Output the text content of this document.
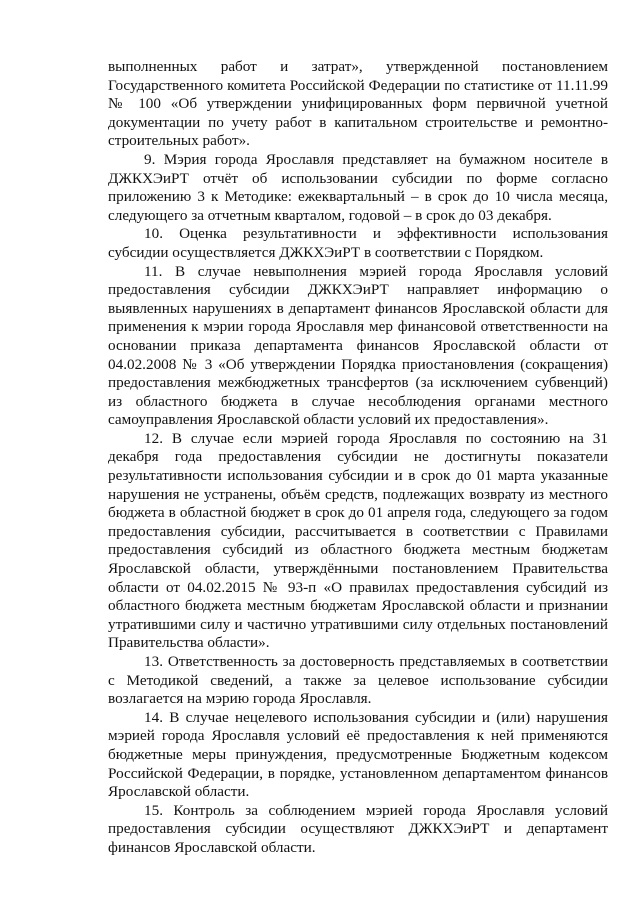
выполненных работ и затрат», утвержденной постановлением Государственного комитета Российской Федерации по статистике от 11.11.99 № 100 «Об утверждении унифицированных форм первичной учетной документации по учету работ в капитальном строительстве и ремонтно-строительных работ».

9. Мэрия города Ярославля представляет на бумажном носителе в ДЖКХЭиРТ отчёт об использовании субсидии по форме согласно приложению 3 к Методике: ежеквартальный – в срок до 10 числа месяца, следующего за отчетным кварталом, годовой – в срок до 03 декабря.

10. Оценка результативности и эффективности использования субсидии осуществляется ДЖКХЭиРТ в соответствии с Порядком.

11. В случае невыполнения мэрией города Ярославля условий предоставления субсидии ДЖКХЭиРТ направляет информацию о выявленных нарушениях в департамент финансов Ярославской области для применения к мэрии города Ярославля мер финансовой ответственности на основании приказа департамента финансов Ярославской области от 04.02.2008 № 3 «Об утверждении Порядка приостановления (сокращения) предоставления межбюджетных трансфертов (за исключением субвенций) из областного бюджета в случае несоблюдения органами местного самоуправления Ярославской области условий их предоставления».

12. В случае если мэрией города Ярославля по состоянию на 31 декабря года предоставления субсидии не достигнуты показатели результативности использования субсидии и в срок до 01 марта указанные нарушения не устранены, объём средств, подлежащих возврату из местного бюджета в областной бюджет в срок до 01 апреля года, следующего за годом предоставления субсидии, рассчитывается в соответствии с Правилами предоставления субсидий из областного бюджета местным бюджетам Ярославской области, утверждёнными постановлением Правительства области от 04.02.2015 № 93-п «О правилах предоставления субсидий из областного бюджета местным бюджетам Ярославской области и признании утратившими силу и частично утратившими силу отдельных постановлений Правительства области».

13. Ответственность за достоверность представляемых в соответствии с Методикой сведений, а также за целевое использование субсидии возлагается на мэрию города Ярославля.

14. В случае нецелевого использования субсидии и (или) нарушения мэрией города Ярославля условий её предоставления к ней применяются бюджетные меры принуждения, предусмотренные Бюджетным кодексом Российской Федерации, в порядке, установленном департаментом финансов Ярославской области.

15. Контроль за соблюдением мэрией города Ярославля условий предоставления субсидии осуществляют ДЖКХЭиРТ и департамент финансов Ярославской области.
